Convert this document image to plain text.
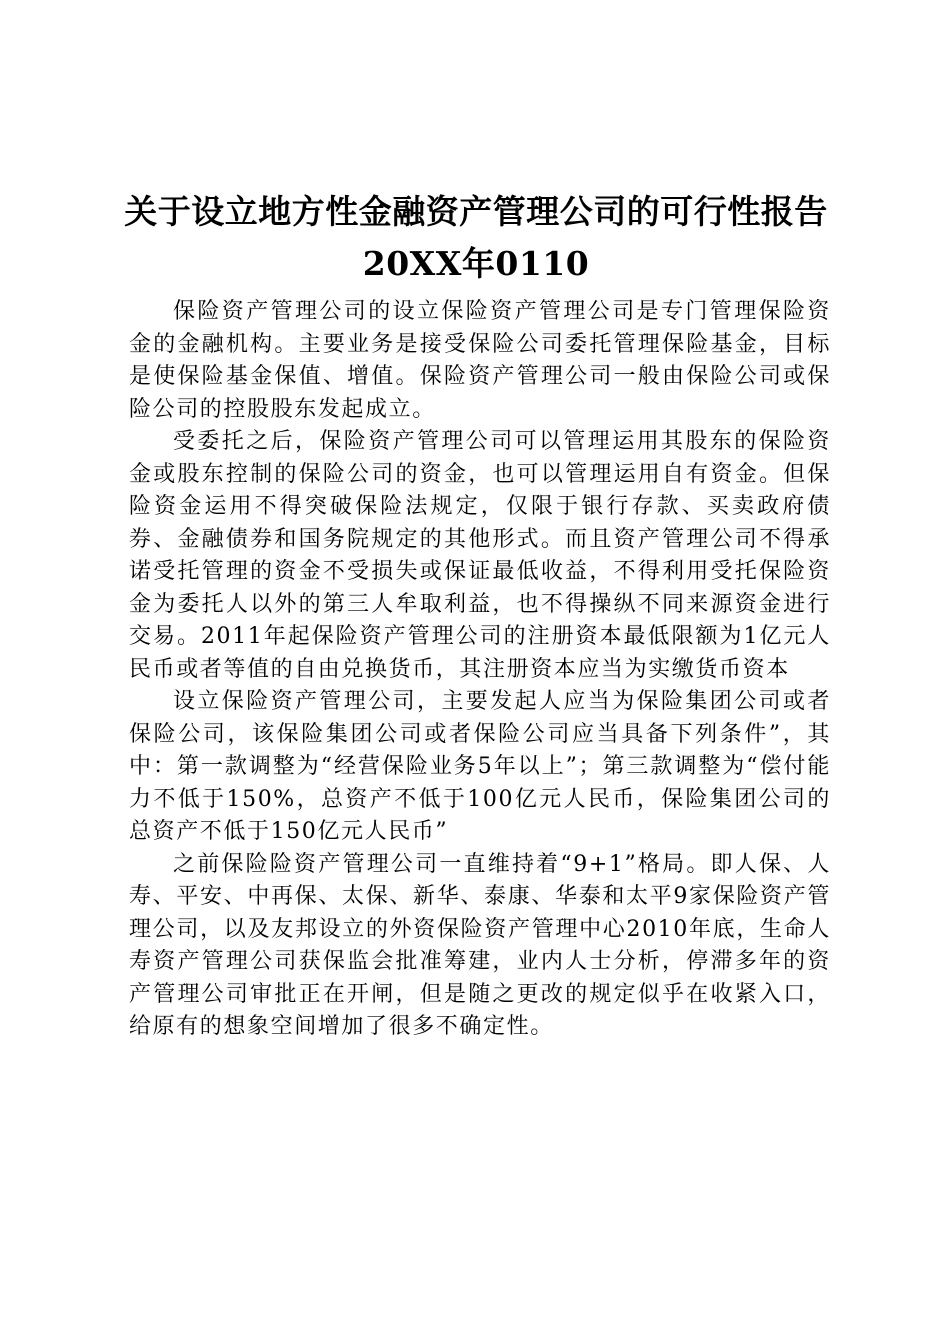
关于设立地方性金融资产管理公司的可行性报告20XX年0110

保险资产管理公司的设立保险资产管理公司是专门管理保险资金的金融机构。主要业务是接受保险公司委托管理保险基金，目标是使保险基金保值、增值。保险资产管理公司一般由保险公司或保险公司的控股股东发起成立。

受委托之后，保险资产管理公司可以管理运用其股东的保险资金或股东控制的保险公司的资金，也可以管理运用自有资金。但保险资金运用不得突破保险法规定，仅限于银行存款、买卖政府债券、金融债券和国务院规定的其他形式。而且资产管理公司不得承诺受托管理的资金不受损失或保证最低收益，不得利用受托保险资金为委托人以外的第三人牟取利益，也不得操纵不同来源资金进行交易。2011年起保险资产管理公司的注册资本最低限额为1亿元人民币或者等值的自由兑换货币，其注册资本应当为实缴货币资本

设立保险资产管理公司，主要发起人应当为保险集团公司或者保险公司，该保险集团公司或者保险公司应当具备下列条件”，其中：第一款调整为“经营保险业务5年以上”；第三款调整为“偿付能力不低于150%，总资产不低于100亿元人民币，保险集团公司的总资产不低于150亿元人民币”

之前保险险资产管理公司一直维持着“9+1”格局。即人保、人寿、平安、中再保、太保、新华、泰康、华泰和太平9家保险资产管理公司，以及友邦设立的外资保险资产管理中心2010年底，生命人寿资产管理公司获保监会批准筹建，业内人士分析，停滞多年的资产管理公司审批正在开闸，但是随之更改的规定似乎在收紧入口，给原有的想象空间增加了很多不确定性。
